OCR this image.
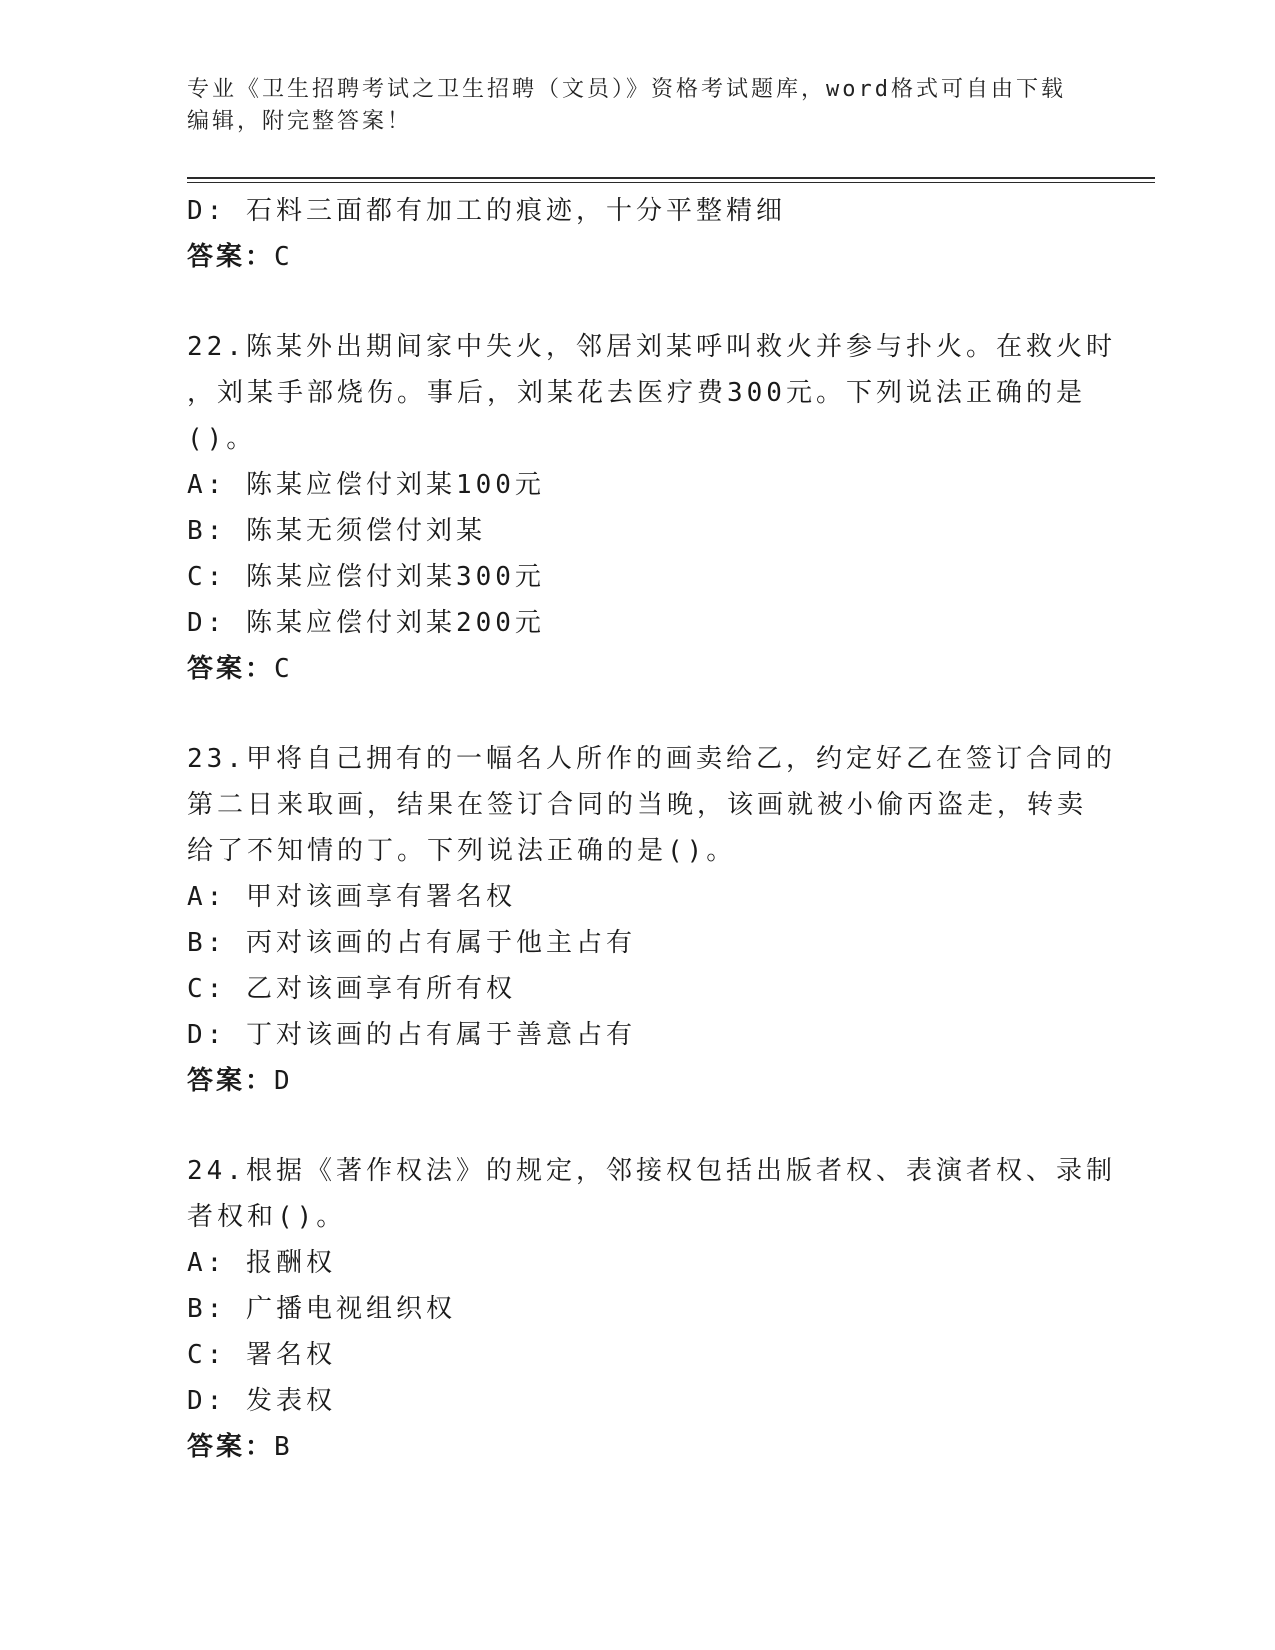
专业《卫生招聘考试之卫生招聘（文员）》资格考试题库，word格式可自由下载编辑，附完整答案！
D: 石料三面都有加工的痕迹，十分平整精细
答案：C
22.陈某外出期间家中失火，邻居刘某呼叫救火并参与扑火。在救火时
，刘某手部烧伤。事后，刘某花去医疗费300元。下列说法正确的是
()。
A: 陈某应偿付刘某100元
B: 陈某无须偿付刘某
C: 陈某应偿付刘某300元
D: 陈某应偿付刘某200元
答案：C
23.甲将自己拥有的一幅名人所作的画卖给乙，约定好乙在签订合同的
第二日来取画，结果在签订合同的当晚，该画就被小偷丙盗走，转卖
给了不知情的丁。下列说法正确的是()。
A: 甲对该画享有署名权
B: 丙对该画的占有属于他主占有
C: 乙对该画享有所有权
D: 丁对该画的占有属于善意占有
答案：D
24.根据《著作权法》的规定，邻接权包括出版者权、表演者权、录制
者权和()。
A: 报酬权
B: 广播电视组织权
C: 署名权
D: 发表权
答案：B
